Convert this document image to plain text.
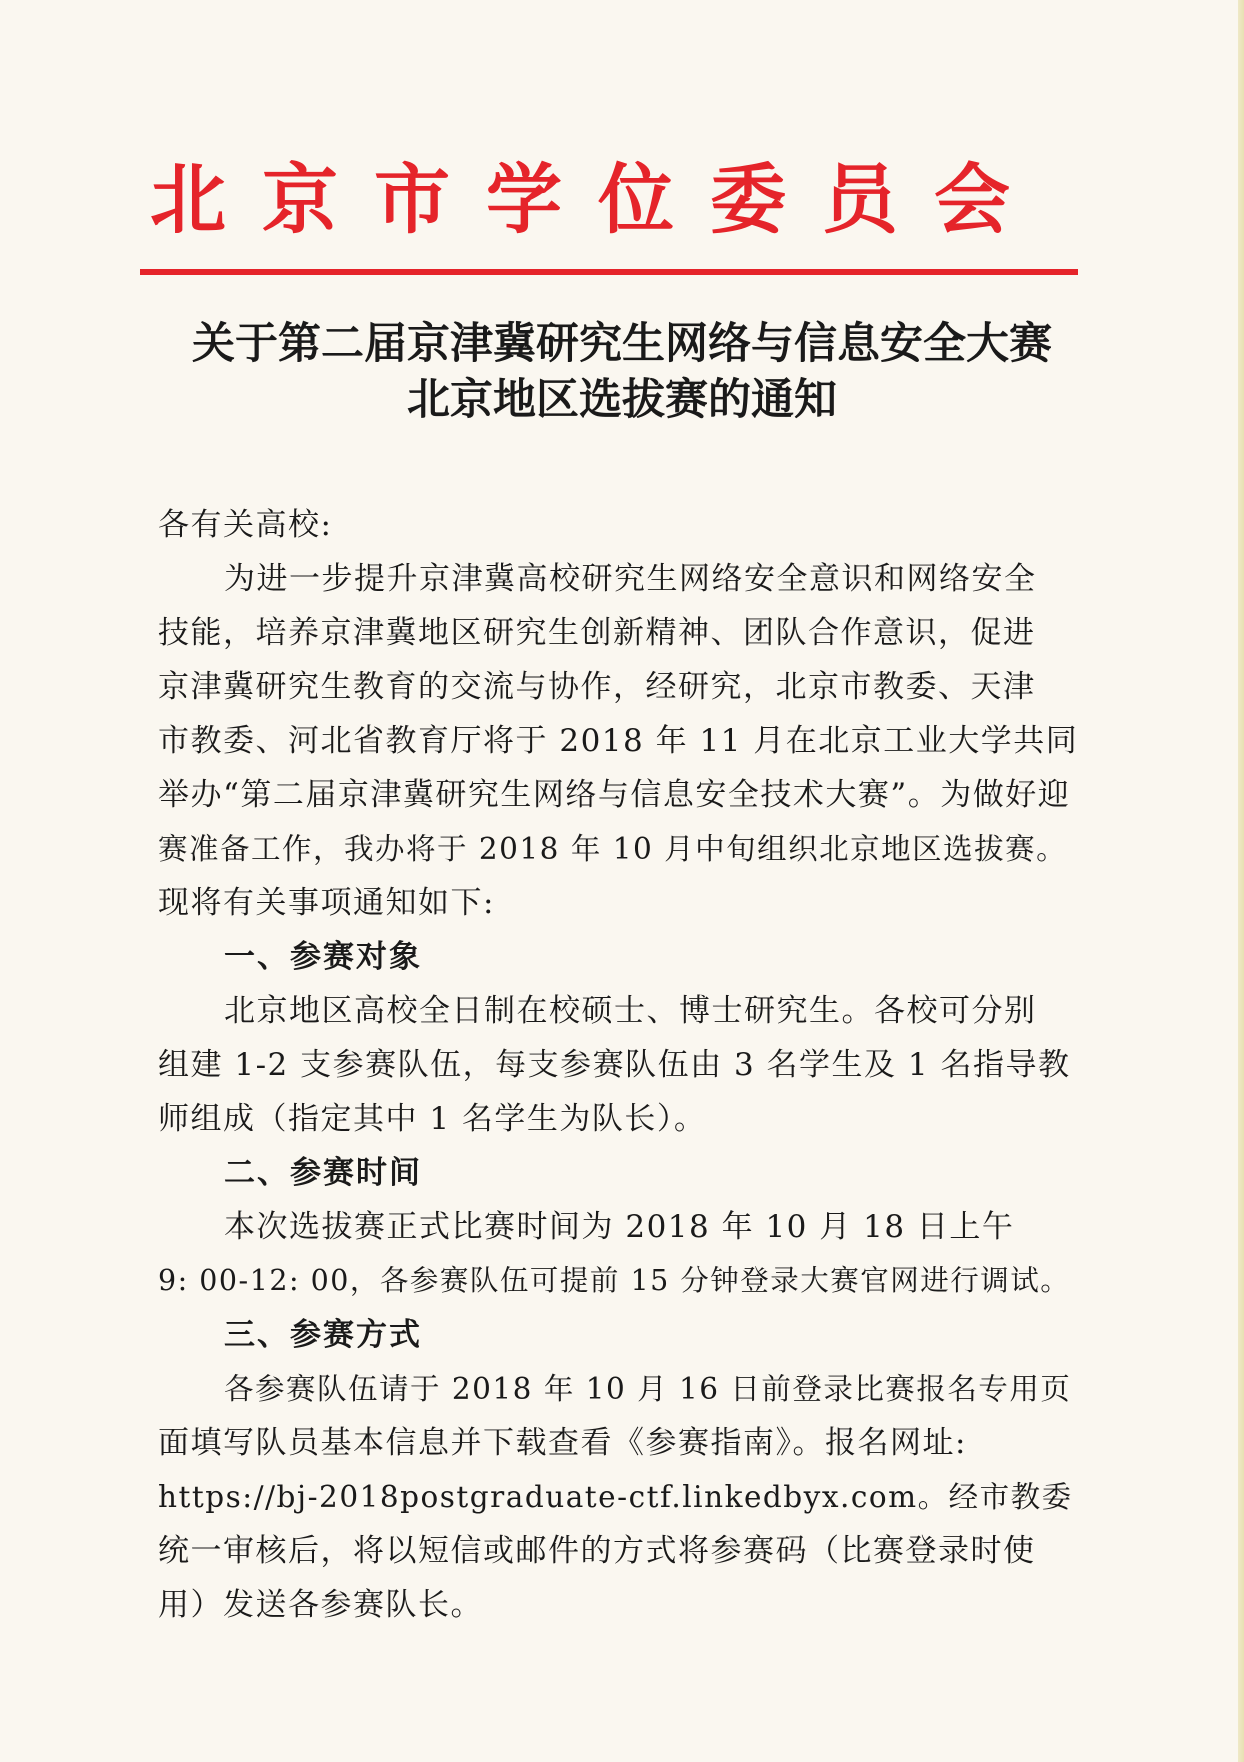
北京市学位委员会
关于第二届京津冀研究生网络与信息安全大赛
北京地区选拔赛的通知
各有关高校:
为进一步提升京津冀高校研究生网络安全意识和网络安全
技能，培养京津冀地区研究生创新精神、团队合作意识，促进
京津冀研究生教育的交流与协作，经研究，北京市教委、天津
市教委、河北省教育厅将于 2018 年 11 月在北京工业大学共同
举办“第二届京津冀研究生网络与信息安全技术大赛”。为做好迎
赛准备工作，我办将于 2018 年 10 月中旬组织北京地区选拔赛。
现将有关事项通知如下:
一、参赛对象
北京地区高校全日制在校硕士、博士研究生。各校可分别
组建 1-2 支参赛队伍，每支参赛队伍由 3 名学生及 1 名指导教
师组成（指定其中 1 名学生为队长）。
二、参赛时间
本次选拔赛正式比赛时间为 2018 年 10 月 18 日上午
9: 00-12: 00，各参赛队伍可提前 15 分钟登录大赛官网进行调试。
三、参赛方式
各参赛队伍请于 2018 年 10 月 16 日前登录比赛报名专用页
面填写队员基本信息并下载查看《参赛指南》。报名网址:
https://bj-2018postgraduate-ctf.linkedbyx.com。经市教委
统一审核后，将以短信或邮件的方式将参赛码（比赛登录时使
用）发送各参赛队长。
